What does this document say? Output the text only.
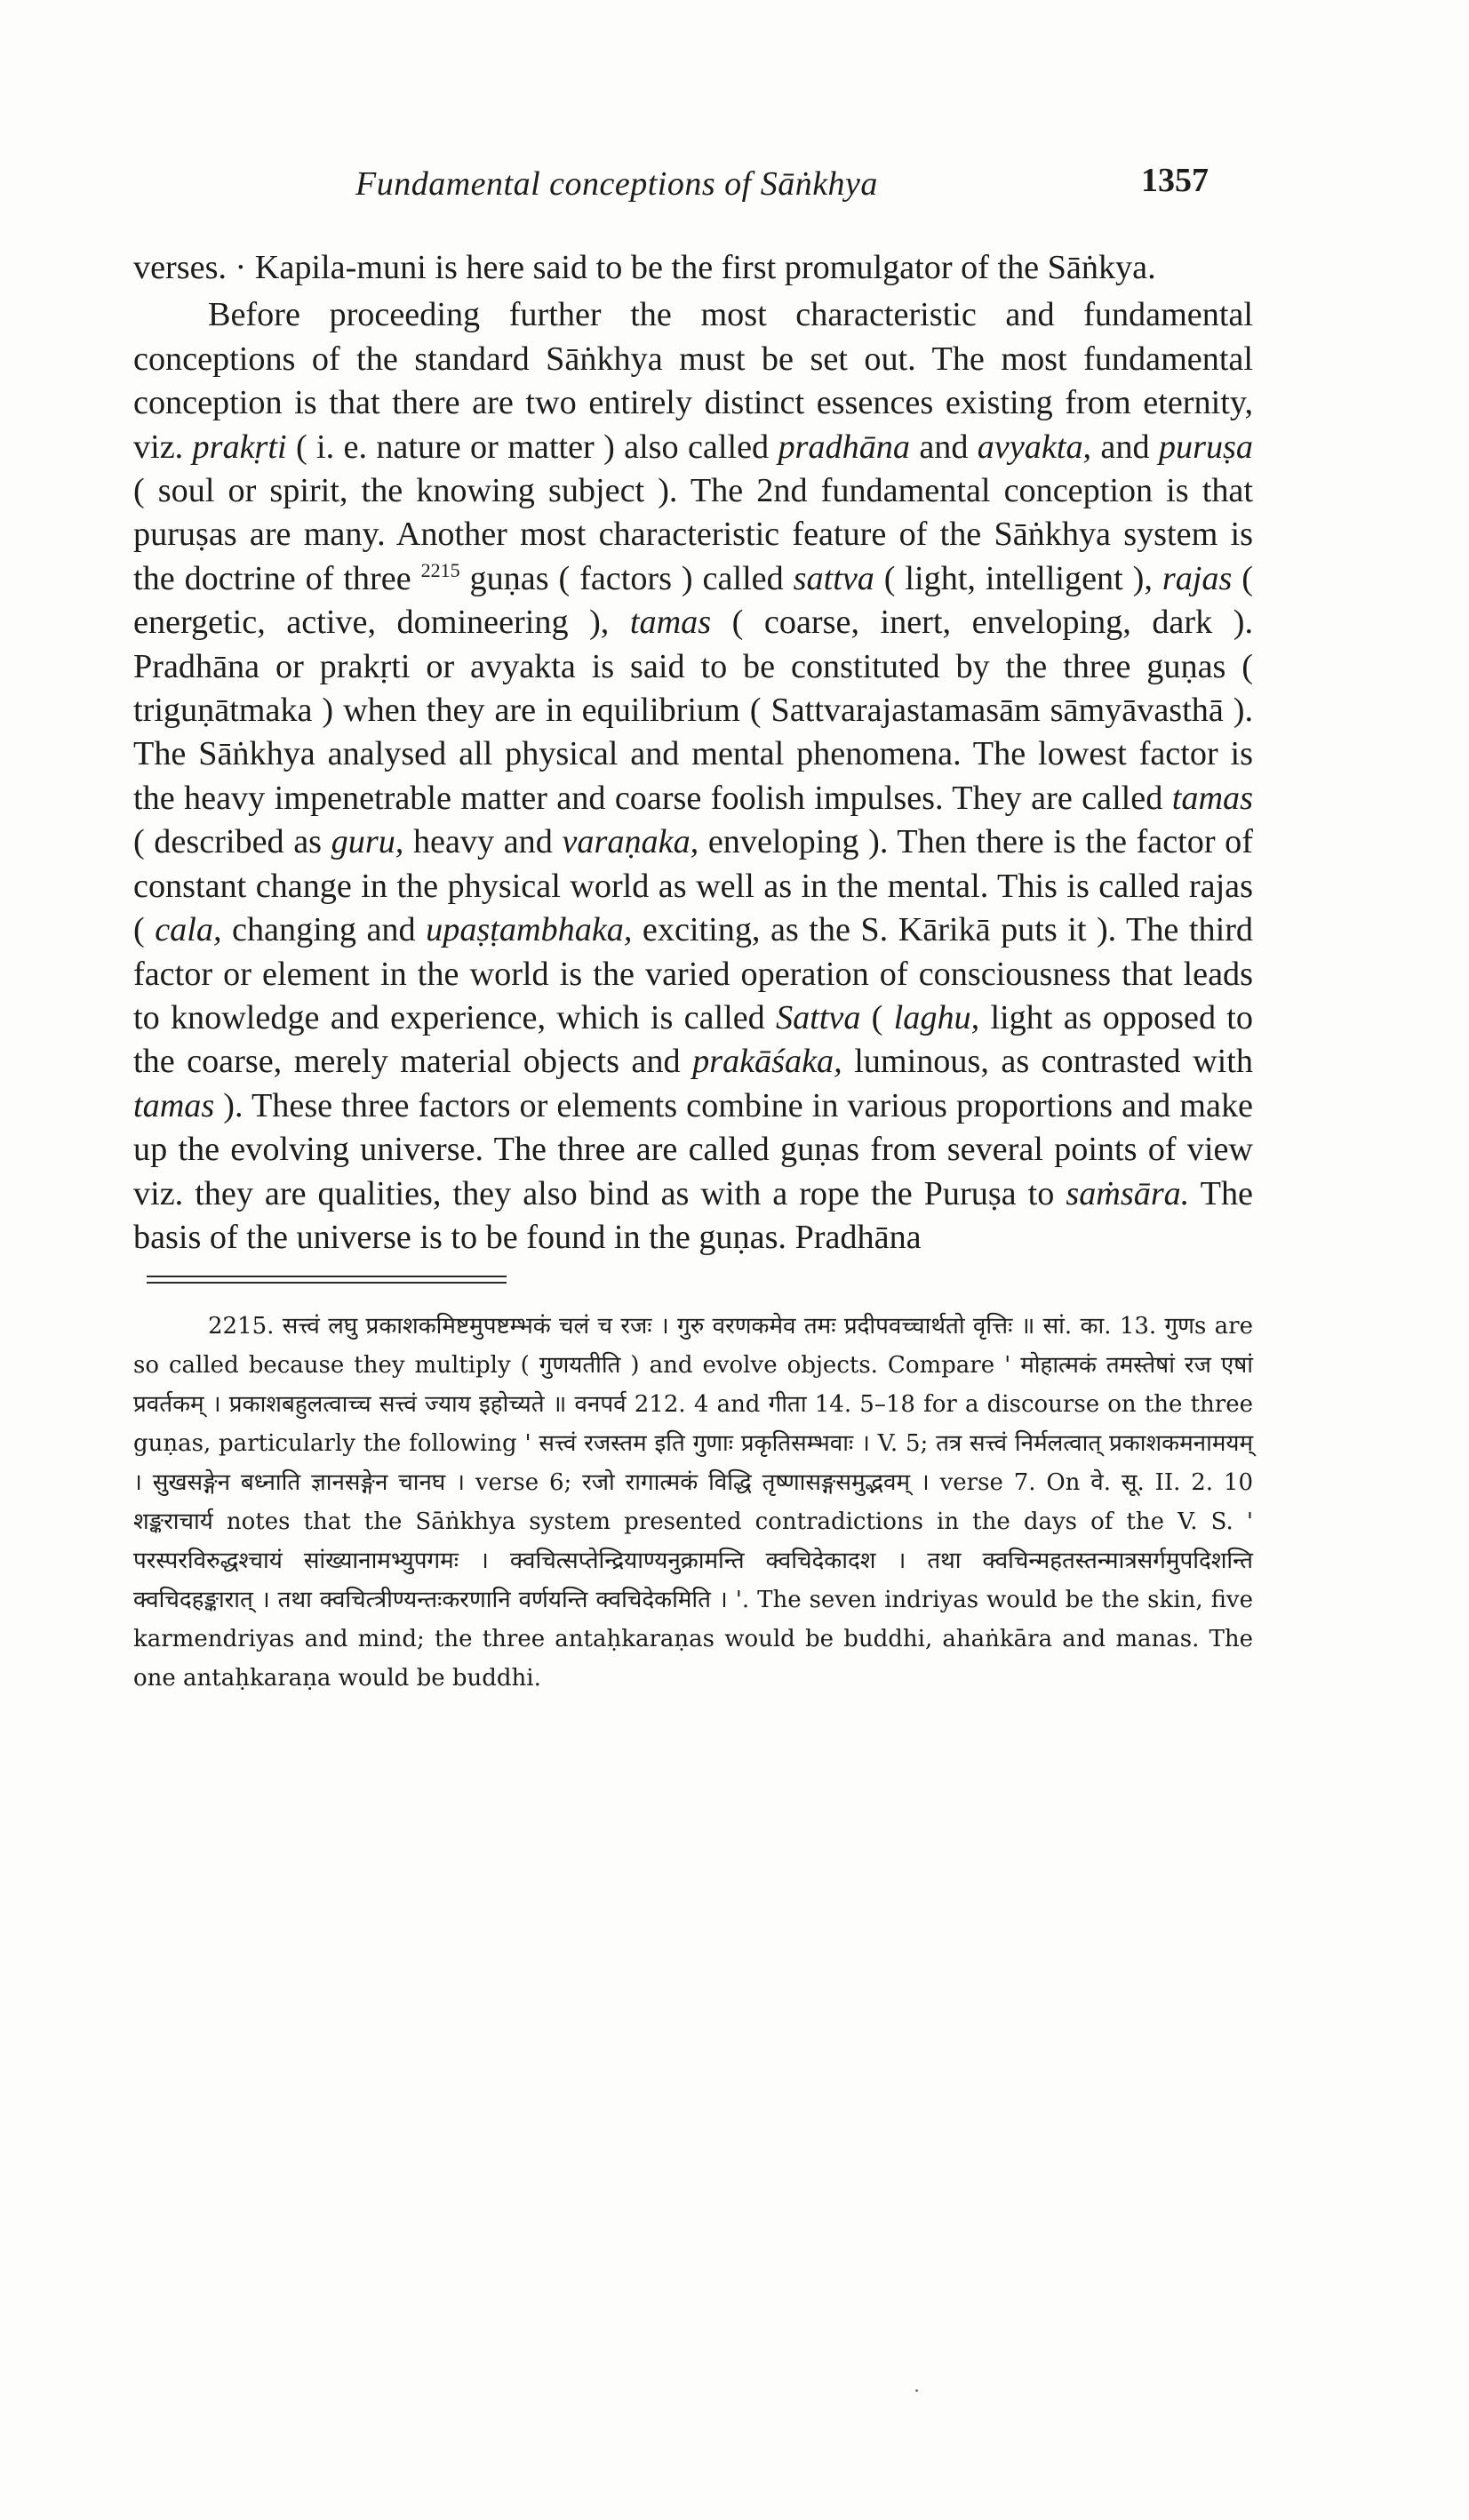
Fundamental conceptions of Sāṅkhya	1357

verses. · Kapila-muni is here said to be the first promulgator of the Sāṅkya.

Before proceeding further the most characteristic and fundamental conceptions of the standard Sāṅkhya must be set out. The most fundamental conception is that there are two entirely distinct essences existing from eternity, viz. prakṛti ( i. e. nature or matter ) also called pradhāna and avyakta, and puruṣa ( soul or spirit, the knowing subject ). The 2nd fundamental conception is that puruṣas are many. Another most characteristic feature of the Sāṅkhya system is the doctrine of three $^{2215}$ guṇas ( factors ) called sattva ( light, intelligent ), rajas ( energetic, active, domineering ), tamas ( coarse, inert, enveloping, dark ). Pradhāna or prakṛti or avyakta is said to be constituted by the three guṇas ( triguṇātmaka ) when they are in equilibrium ( Sattvarajastamasām sāmyāvasthā ). The Sāṅkhya analysed all physical and mental phenomena. The lowest factor is the heavy impenetrable matter and coarse foolish impulses. They are called tamas ( described as guru, heavy and varaṇaka, enveloping ). Then there is the factor of constant change in the physical world as well as in the mental. This is called rajas ( cala, changing and upaṣṭambhaka, exciting, as the S. Kārikā puts it ). The third factor or element in the world is the varied operation of consciousness that leads to knowledge and experience, which is called Sattva ( laghu, light as opposed to the coarse, merely material objects and prakāśaka, luminous, as contrasted with tamas ). These three factors or elements combine in various proportions and make up the evolving universe. The three are called guṇas from several points of view viz. they are qualities, they also bind as with a rope the Puruṣa to saṁsāra. The basis of the universe is to be found in the guṇas. Pradhāna

2215. सत्त्वं लघु प्रकाशकमिष्टमुपष्टम्भकं चलं च रजः । गुरु वरणकमेव तमः प्रदीपवच्चार्थतो वृत्तिः ॥ सां. का. 13. गुणs are so called because they multiply ( गुणयतीति ) and evolve objects. Compare ' मोहात्मकं तमस्तेषां रज एषां प्रवर्तकम् । प्रकाशबहुलत्वाच्च सत्त्वं ज्याय इहोच्यते ॥ वनपर्व 212. 4 and गीता 14. 5–18 for a discourse on the three guṇas, particularly the following ' सत्त्वं रजस्तम इति गुणाः प्रकृतिसम्भवाः । V. 5; तत्र सत्त्वं निर्मलत्वात् प्रकाशकमनामयम् । सुखसङ्गेन बध्नाति ज्ञानसङ्गेन चानघ । verse 6; रजो रागात्मकं विद्धि तृष्णासङ्गसमुद्भवम् । verse 7. On वे. सू. II. 2. 10 शङ्कराचार्य notes that the Sāṅkhya system presented contradictions in the days of the V. S. ' परस्परविरुद्धश्चायं सांख्यानामभ्युपगमः । क्वचित्सप्तेन्द्रियाण्यनुक्रामन्ति क्वचिदेकादश । तथा क्वचिन्महतस्तन्मात्रसर्गमुपदिशन्ति क्वचिदहङ्कारात् । तथा क्वचित्त्रीण्यन्तःकरणानि वर्णयन्ति क्वचिदेकमिति । '. The seven indriyas would be the skin, five karmendriyas and mind; the three antaḥkaraṇas would be buddhi, ahaṅkāra and manas. The one antaḥkaraṇa would be buddhi.
